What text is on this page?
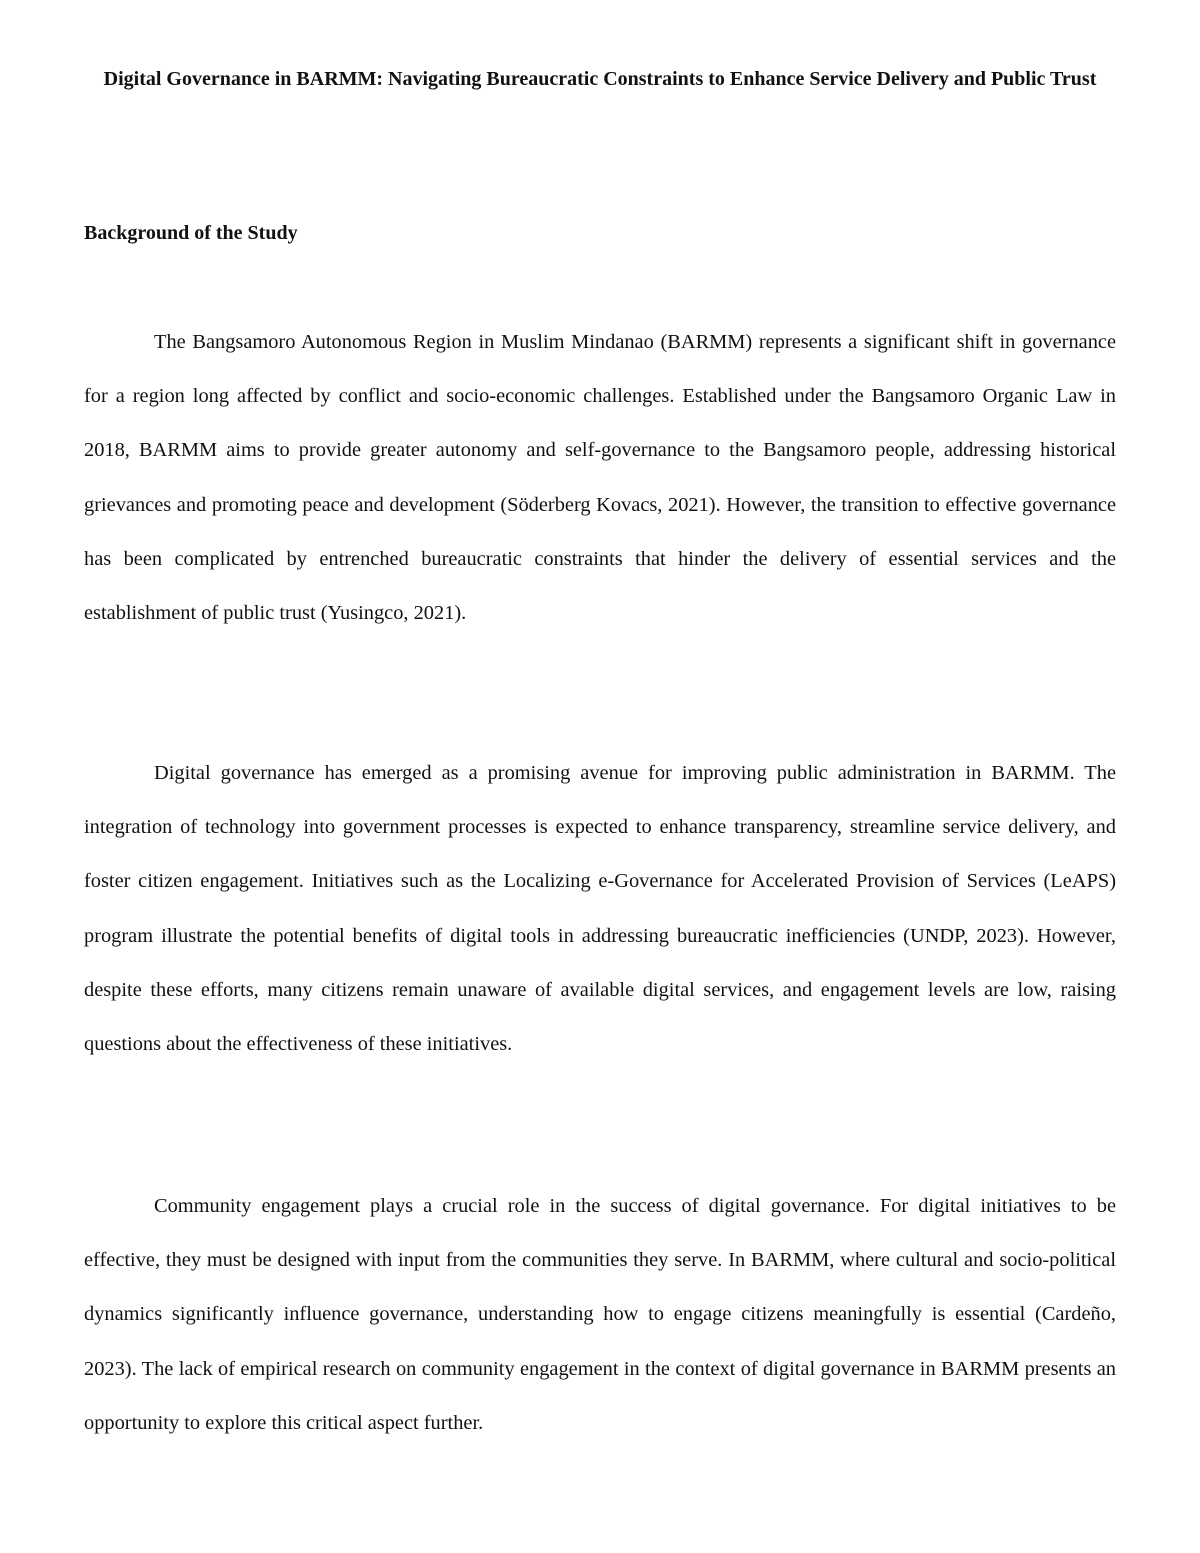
Digital Governance in BARMM: Navigating Bureaucratic Constraints to Enhance Service Delivery and Public Trust
Background of the Study

The Bangsamoro Autonomous Region in Muslim Mindanao (BARMM) represents a significant shift in governance for a region long affected by conflict and socio-economic challenges. Established under the Bangsamoro Organic Law in 2018, BARMM aims to provide greater autonomy and self-governance to the Bangsamoro people, addressing historical grievances and promoting peace and development (Söderberg Kovacs, 2021). However, the transition to effective governance has been complicated by entrenched bureaucratic constraints that hinder the delivery of essential services and the establishment of public trust (Yusingco, 2021).

Digital governance has emerged as a promising avenue for improving public administration in BARMM. The integration of technology into government processes is expected to enhance transparency, streamline service delivery, and foster citizen engagement. Initiatives such as the Localizing e-Governance for Accelerated Provision of Services (LeAPS) program illustrate the potential benefits of digital tools in addressing bureaucratic inefficiencies (UNDP, 2023). However, despite these efforts, many citizens remain unaware of available digital services, and engagement levels are low, raising questions about the effectiveness of these initiatives.

Community engagement plays a crucial role in the success of digital governance. For digital initiatives to be effective, they must be designed with input from the communities they serve. In BARMM, where cultural and socio-political dynamics significantly influence governance, understanding how to engage citizens meaningfully is essential (Cardeño, 2023). The lack of empirical research on community engagement in the context of digital governance in BARMM presents an opportunity to explore this critical aspect further.
